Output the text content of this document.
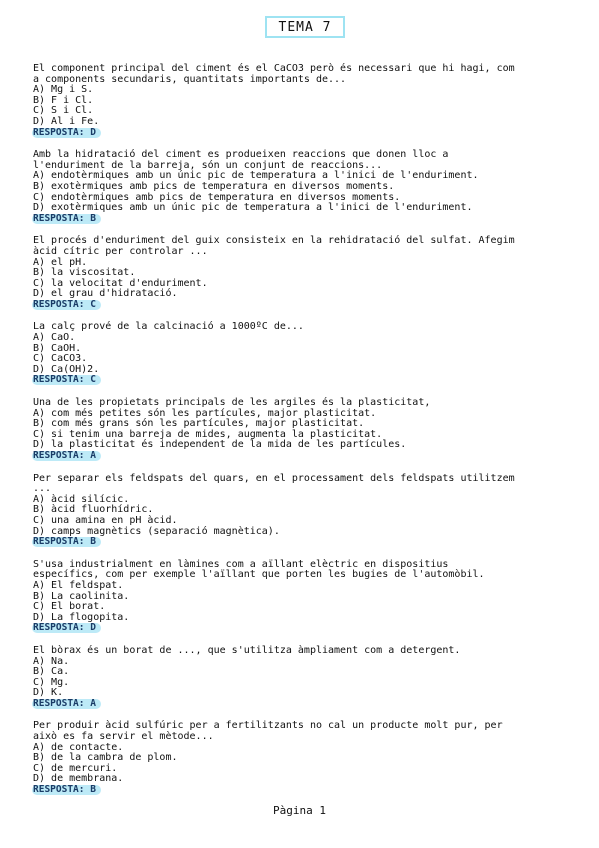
TEMA 7
El component principal del ciment és el CaCO3 però és necessari que hi hagi, com
a components secundaris, quantitats importants de...
A) Mg i S.
B) F i Cl.
C) S i Cl.
D) Al i Fe.
RESPOSTA: D
Amb la hidratació del ciment es produeixen reaccions que donen lloc a
l'enduriment de la barreja, són un conjunt de reaccions...
A) endotèrmiques amb un únic pic de temperatura a l'inici de l'enduriment.
B) exotèrmiques amb pics de temperatura en diversos moments.
C) endotèrmiques amb pics de temperatura en diversos moments.
D) exotèrmiques amb un únic pic de temperatura a l'inici de l'enduriment.
RESPOSTA: B
El procés d'enduriment del guix consisteix en la rehidratació del sulfat. Afegim
àcid cítric per controlar ...
A) el pH.
B) la viscositat.
C) la velocitat d'enduriment.
D) el grau d'hidratació.
RESPOSTA: C
La calç prové de la calcinació a 1000ºC de...
A) CaO.
B) CaOH.
C) CaCO3.
D) Ca(OH)2.
RESPOSTA: C
Una de les propietats principals de les argiles és la plasticitat,
A) com més petites són les partícules, major plasticitat.
B) com més grans són les partícules, major plasticitat.
C) si tenim una barreja de mides, augmenta la plasticitat.
D) la plasticitat és independent de la mida de les partícules.
RESPOSTA: A
Per separar els feldspats del quars, en el processament dels feldspats utilitzem
...
A) àcid silícic.
B) àcid fluorhídric.
C) una amina en pH àcid.
D) camps magnètics (separació magnètica).
RESPOSTA: B
S'usa industrialment en làmines com a aïllant elèctric en dispositius
específics, com per exemple l'aïllant que porten les bugies de l'automòbil.
A) El feldspat.
B) La caolinita.
C) El borat.
D) La flogopita.
RESPOSTA: D
El bòrax és un borat de ..., que s'utilitza àmpliament com a detergent.
A) Na.
B) Ca.
C) Mg.
D) K.
RESPOSTA: A
Per produir àcid sulfúric per a fertilitzants no cal un producte molt pur, per
això es fa servir el mètode...
A) de contacte.
B) de la cambra de plom.
C) de mercuri.
D) de membrana.
RESPOSTA: B
Pàgina 1
